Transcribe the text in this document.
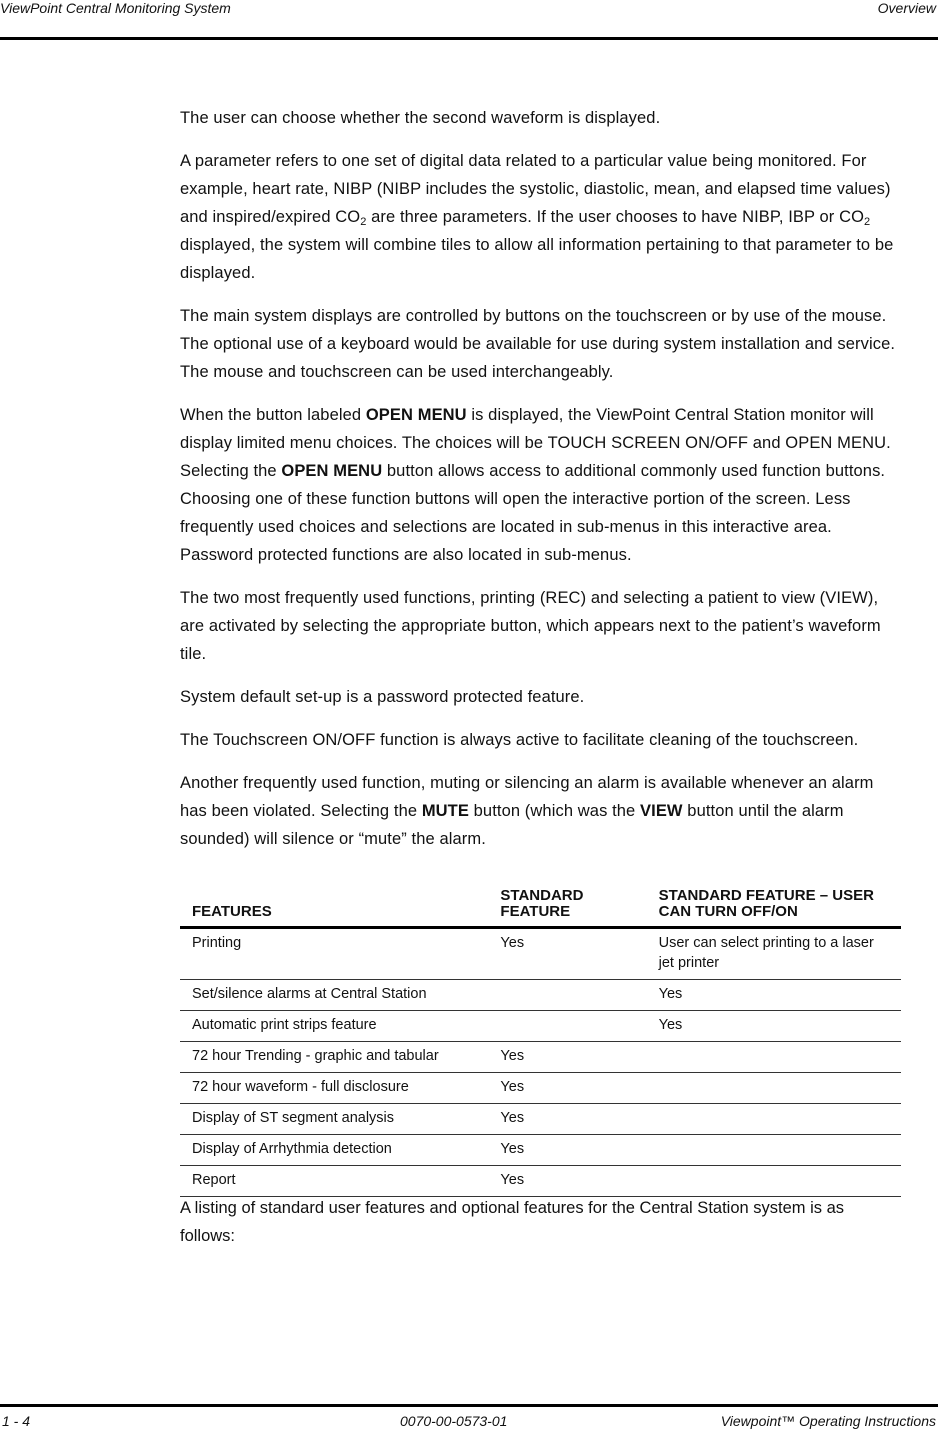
ViewPoint Central Monitoring System	Overview

The user can choose whether the second waveform is displayed.

A parameter refers to one set of digital data related to a particular value being monitored. For example, heart rate, NIBP (NIBP includes the systolic, diastolic, mean, and elapsed time values) and inspired/expired $CO_2$ are three parameters. If the user chooses to have NIBP, IBP or $CO_2$ displayed, the system will combine tiles to allow all information pertaining to that parameter to be displayed.

The main system displays are controlled by buttons on the touchscreen or by use of the mouse. The optional use of a keyboard would be available for use during system installation and service. The mouse and touchscreen can be used interchangeably.

When the button labeled OPEN MENU is displayed, the ViewPoint Central Station monitor will display limited menu choices. The choices will be TOUCH SCREEN ON/OFF and OPEN MENU. Selecting the OPEN MENU button allows access to additional commonly used function buttons. Choosing one of these function buttons will open the interactive portion of the screen. Less frequently used choices and selections are located in sub-menus in this interactive area. Password protected functions are also located in sub-menus.

The two most frequently used functions, printing (REC) and selecting a patient to view (VIEW), are activated by selecting the appropriate button, which appears next to the patient’s waveform tile.

System default set-up is a password protected feature.

The Touchscreen ON/OFF function is always active to facilitate cleaning of the touchscreen.

Another frequently used function, muting or silencing an alarm is available whenever an alarm has been violated. Selecting the MUTE button (which was the VIEW button until the alarm sounded) will silence or “mute” the alarm.

FEATURES	STANDARD FEATURE	STANDARD FEATURE – USER CAN TURN OFF/ON
Printing	Yes	User can select printing to a laser jet printer
Set/silence alarms at Central Station		Yes
Automatic print strips feature		Yes
72 hour Trending - graphic and tabular	Yes	
72 hour waveform - full disclosure	Yes	
Display of ST segment analysis	Yes	
Display of Arrhythmia detection	Yes	
Report	Yes	
A listing of standard user features and optional features for the Central Station system is as follows:
1 - 4	0070-00-0573-01	Viewpoint™ Operating Instructions
